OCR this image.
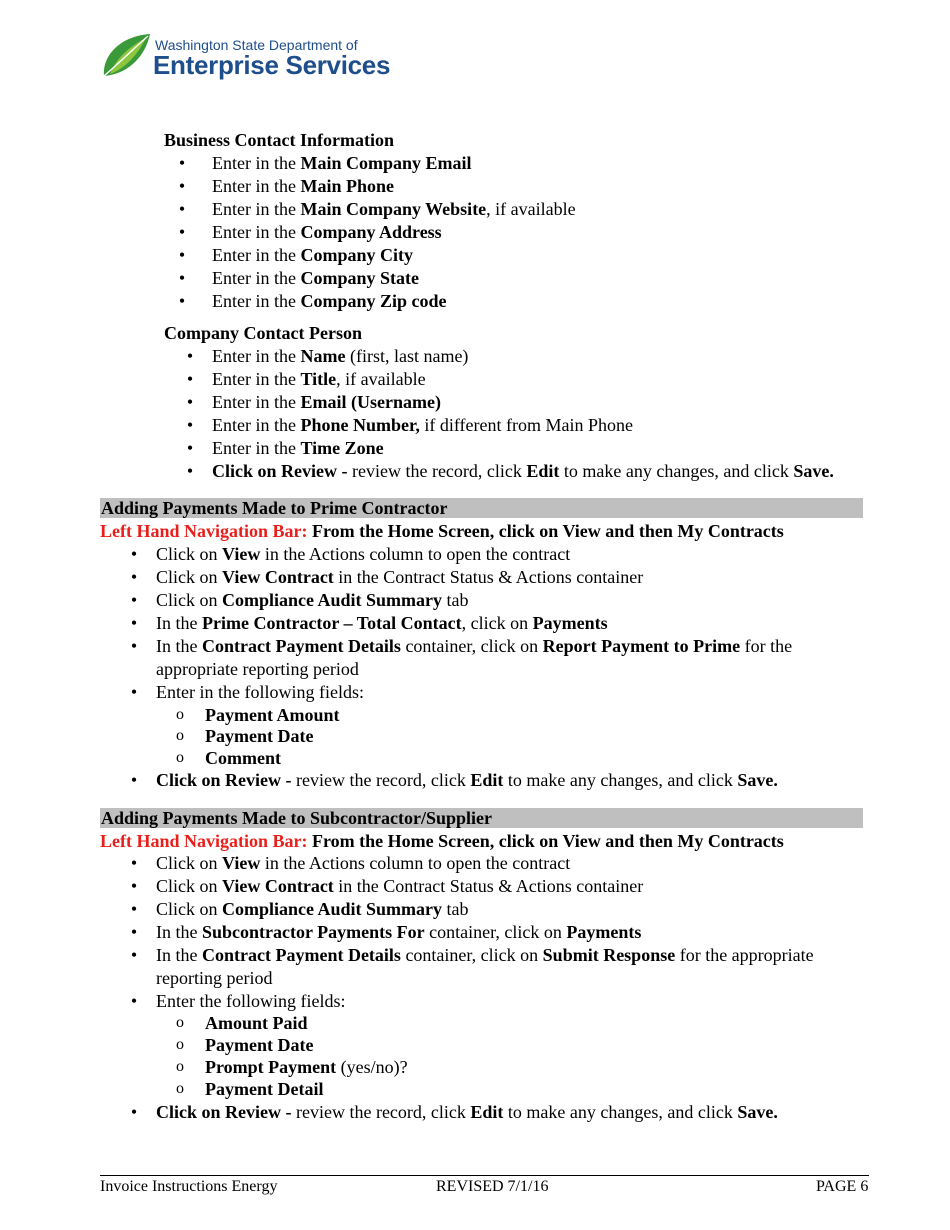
Washington State Department of
Enterprise Services
Business Contact Information
•	Enter in the Main Company Email
•	Enter in the Main Phone
•	Enter in the Main Company Website, if available
•	Enter in the Company Address
•	Enter in the Company City
•	Enter in the Company State
•	Enter in the Company Zip code
Company Contact Person
•	Enter in the Name (first, last name)
•	Enter in the Title, if available
•	Enter in the Email (Username)
•	Enter in the Phone Number, if different from Main Phone
•	Enter in the Time Zone
•	Click on Review - review the record, click Edit to make any changes, and click Save.
Adding Payments Made to Prime Contractor
Left Hand Navigation Bar: From the Home Screen, click on View and then My Contracts
•	Click on View in the Actions column to open the contract
•	Click on View Contract in the Contract Status & Actions container
•	Click on Compliance Audit Summary tab
•	In the Prime Contractor – Total Contact, click on Payments
•	In the Contract Payment Details container, click on Report Payment to Prime for the
appropriate reporting period
•	Enter in the following fields:
o Payment Amount
o Payment Date
o Comment
•	Click on Review - review the record, click Edit to make any changes, and click Save.
Adding Payments Made to Subcontractor/Supplier
Left Hand Navigation Bar: From the Home Screen, click on View and then My Contracts
•	Click on View in the Actions column to open the contract
•	Click on View Contract in the Contract Status & Actions container
•	Click on Compliance Audit Summary tab
•	In the Subcontractor Payments For container, click on Payments
•	In the Contract Payment Details container, click on Submit Response for the appropriate
reporting period
•	Enter the following fields:
o Amount Paid
o Payment Date
o Prompt Payment (yes/no)?
o Payment Detail
•	Click on Review - review the record, click Edit to make any changes, and click Save.
Invoice Instructions Energy	REVISED 7/1/16	PAGE 6
